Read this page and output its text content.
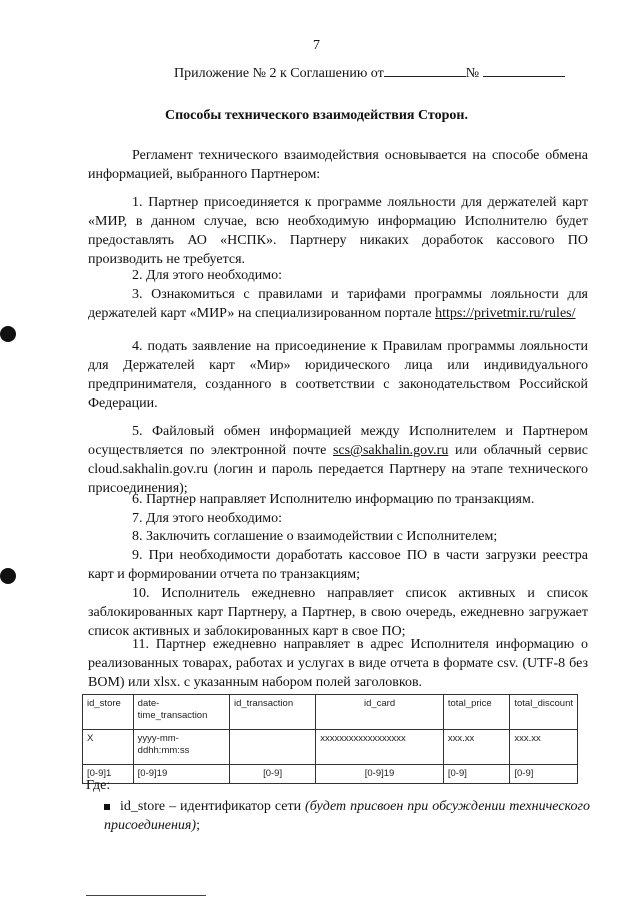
7
Приложение № 2 к Соглашению от	№
Способы технического взаимодействия Сторон.
Регламент технического взаимодействия основывается на способе обмена информацией, выбранного Партнером:
1. Партнер присоединяется к программе лояльности для держателей карт «МИР, в данном случае, всю необходимую информацию Исполнителю будет предоставлять АО «НСПК». Партнеру никаких доработок кассового ПО производить не требуется.
2. Для этого необходимо:
3. Ознакомиться с правилами и тарифами программы лояльности для держателей карт «МИР» на специализированном портале https://privetmir.ru/rules/
4. подать заявление на присоединение к Правилам программы лояльности для Держателей карт «Мир» юридического лица или индивидуального предпринимателя, созданного в соответствии с законодательством Российской Федерации.
5. Файловый обмен информацией между Исполнителем и Партнером осуществляется по электронной почте scs@sakhalin.gov.ru или облачный сервис cloud.sakhalin.gov.ru (логин и пароль передается Партнеру на этапе технического присоединения);
6. Партнер направляет Исполнителю информацию по транзакциям.
7. Для этого необходимо:
8. Заключить соглашение о взаимодействии с Исполнителем;
9. При необходимости доработать кассовое ПО в части загрузки реестра карт и формировании отчета по транзакциям;
10. Исполнитель ежедневно направляет список активных и список заблокированных карт Партнеру, а Партнер, в свою очередь, ежедневно загружает список активных и заблокированных карт в свое ПО;
11. Партнер ежедневно направляет в адрес Исполнителя информацию о реализованных товарах, работах и услугах в виде отчета в формате csv. (UTF-8 без BOM) или xlsx. с указанным набором полей заголовков.
id_store	date-time_transaction	id_transaction	id_card	total_price	total_discount
X	yyyy-mm-ddhh:mm:ss		xxxxxxxxxxxxxxxxxx	xxx.xx	xxx.xx
[0-9]1	[0-9]19	[0-9]	[0-9]19	[0-9]	[0-9]
Где:
id_store – идентификатор сети (будет присвоен при обсуждении технического присоединения);
